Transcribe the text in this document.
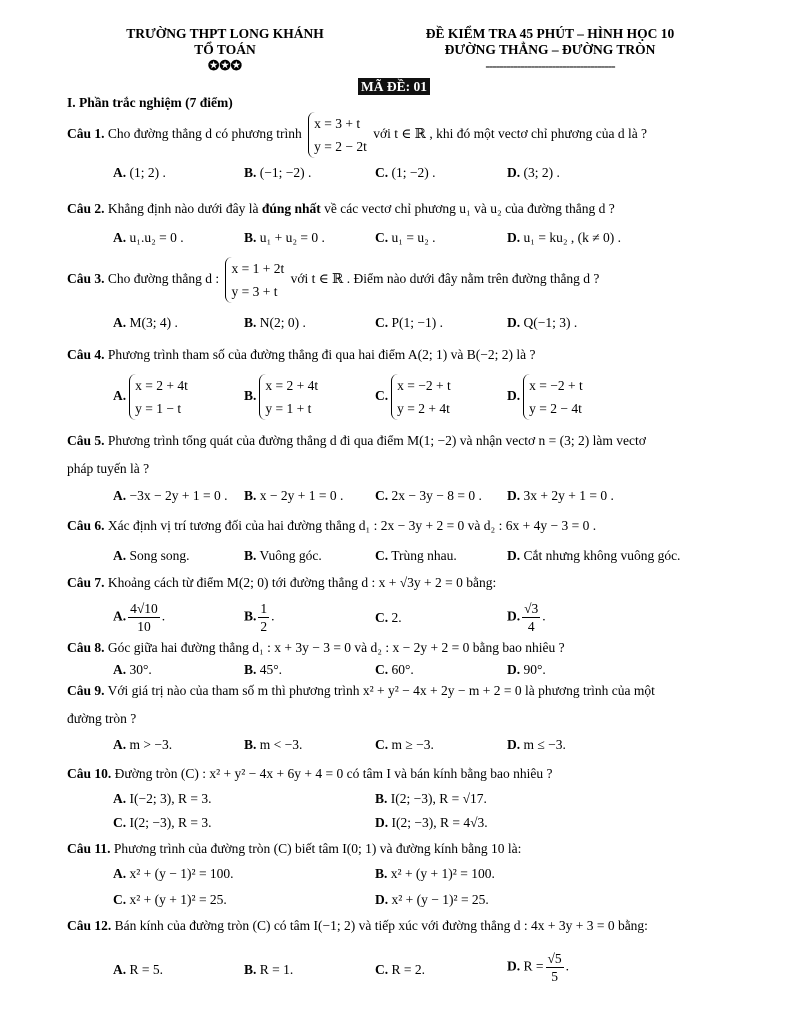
TRƯỜNG THPT LONG KHÁNH
TỔ TOÁN
✪✪✪
ĐỀ KIỂM TRA 45 PHÚT – HÌNH HỌC 10
ĐƯỜNG THẲNG – ĐƯỜNG TRÒN
-------------------------------------
MÃ ĐỀ: 01
I. Phần trắc nghiệm (7 điểm)
Câu 1. Cho đường thẳng d có phương trình
x = 3 + t
y = 2 − 2t
với t ∈ ℝ , khi đó một vectơ chỉ phương của d là ?
A. (1; 2) .	B. (−1; −2) .	C. (1; −2) .	D. (3; 2) .
Câu 2. Khẳng định nào dưới đây là đúng nhất về các vectơ chỉ phương u₁ và u₂ của đường thẳng d ?
A. u₁.u₂ = 0 .	B. u₁ + u₂ = 0 .	C. u₁ = u₂ .	D. u₁ = ku₂ , (k ≠ 0) .
Câu 3. Cho đường thẳng d :
x = 1 + 2t
y = 3 + t
với t ∈ ℝ . Điểm nào dưới đây nằm trên đường thẳng d ?
A. M(3; 4) .	B. N(2; 0) .	C. P(1; −1) .	D. Q(−1; 3) .
Câu 4. Phương trình tham số của đường thẳng đi qua hai điểm A(2; 1) và B(−2; 2) là ?
A.
x = 2 + 4t
y = 1 − t
B.
x = 2 + 4t
y = 1 + t
C.
x = −2 + t
y = 2 + 4t
D.
x = −2 + t
y = 2 − 4t
Câu 5. Phương trình tổng quát của đường thẳng d đi qua điểm M(1; −2) và nhận vectơ n = (3; 2) làm vectơ
pháp tuyến là ?
A. −3x − 2y + 1 = 0 . B. x − 2y + 1 = 0 . C. 2x − 3y − 8 = 0 . D. 3x + 2y + 1 = 0 .
Câu 6. Xác định vị trí tương đối của hai đường thẳng d₁ : 2x − 3y + 2 = 0 và d₂ : 6x + 4y − 3 = 0 .
A. Song song.	B. Vuông góc.	C. Trùng nhau.	D. Cắt nhưng không vuông góc.
Câu 7. Khoảng cách từ điểm M(2; 0) tới đường thẳng d : x + √3y + 2 = 0 bằng:
A. $\frac{4√10}{10}$ .	B. $\frac{1}{2}$ .	C. 2.	D. $\frac{√3}{4}$ .
Câu 8. Góc giữa hai đường thẳng d₁ : x + 3y − 3 = 0 và d₂ : x − 2y + 2 = 0 bằng bao nhiêu ?
A. 30°.	B. 45°.	C. 60°.	D. 90°.
Câu 9. Với giá trị nào của tham số m thì phương trình x² + y² − 4x + 2y − m + 2 = 0 là phương trình của một
đường tròn ?
A. m > −3.	B. m < −3.	C. m ≥ −3.	D. m ≤ −3.
Câu 10. Đường tròn (C) : x² + y² − 4x + 6y + 4 = 0 có tâm I và bán kính bằng bao nhiêu ?
A. I(−2; 3), R = 3.	B. I(2; −3), R = √17.
C. I(2; −3), R = 3.	D. I(2; −3), R = 4√3.
Câu 11. Phương trình của đường tròn (C) biết tâm I(0; 1) và đường kính bằng 10 là:
A. x² + (y − 1)² = 100.	B. x² + (y + 1)² = 100.
C. x² + (y + 1)² = 25.	D. x² + (y − 1)² = 25.
Câu 12. Bán kính của đường tròn (C) có tâm I(−1; 2) và tiếp xúc với đường thẳng d : 4x + 3y + 3 = 0 bằng:
A. R = 5.	B. R = 1.	C. R = 2.	D. $R = \frac{√5}{5}$ .
